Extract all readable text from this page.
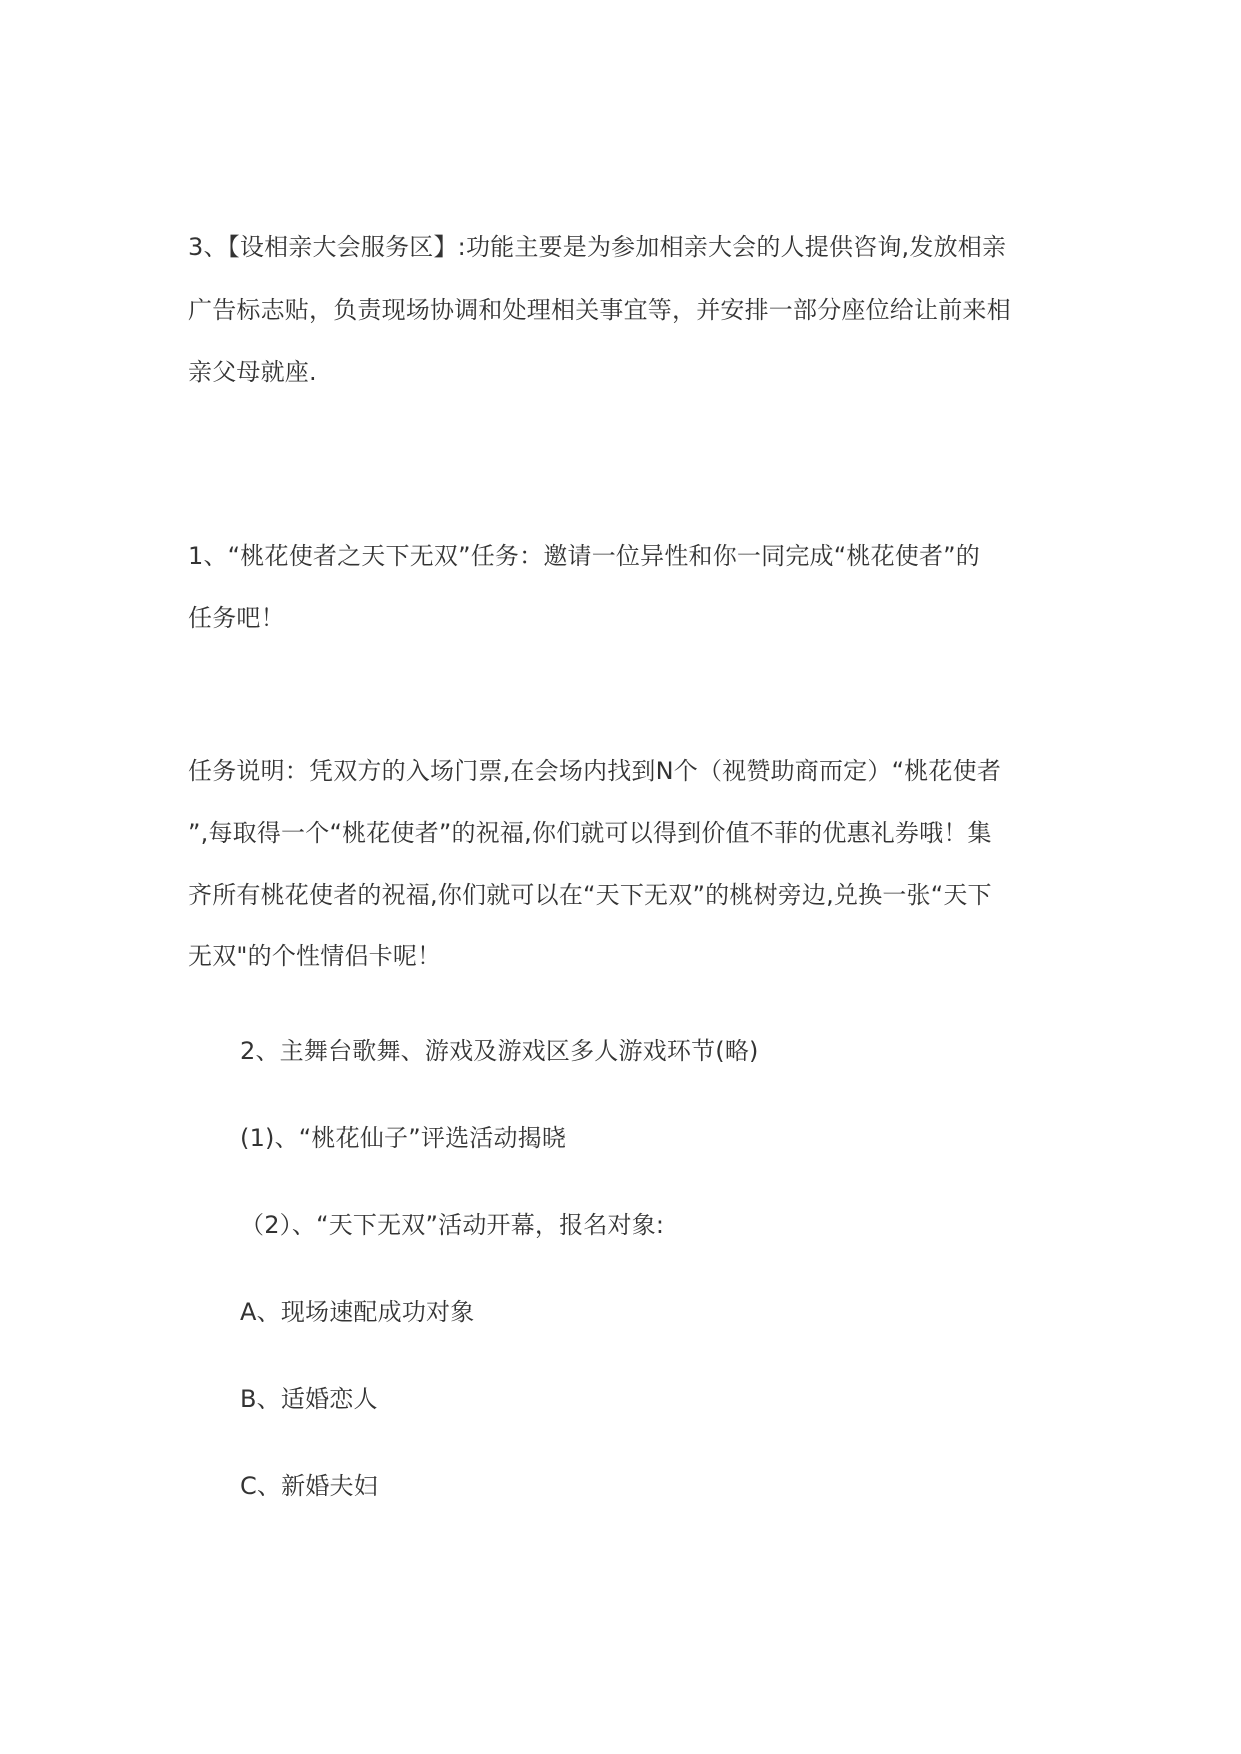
3、【设相亲大会服务区】:功能主要是为参加相亲大会的人提供咨询,发放相亲
广告标志贴，负责现场协调和处理相关事宜等，并安排一部分座位给让前来相
亲父母就座.
1、“桃花使者之天下无双”任务：邀请一位异性和你一同完成“桃花使者”的
任务吧！
任务说明：凭双方的入场门票,在会场内找到N个（视赞助商而定）“桃花使者
”,每取得一个“桃花使者”的祝福,你们就可以得到价值不菲的优惠礼券哦！集
齐所有桃花使者的祝福,你们就可以在“天下无双”的桃树旁边,兑换一张“天下
无双"的个性情侣卡呢！
2、主舞台歌舞、游戏及游戏区多人游戏环节(略)
(1)、“桃花仙子”评选活动揭晓
（2）、“天下无双”活动开幕，报名对象:
A、现场速配成功对象
B、适婚恋人
C、新婚夫妇
